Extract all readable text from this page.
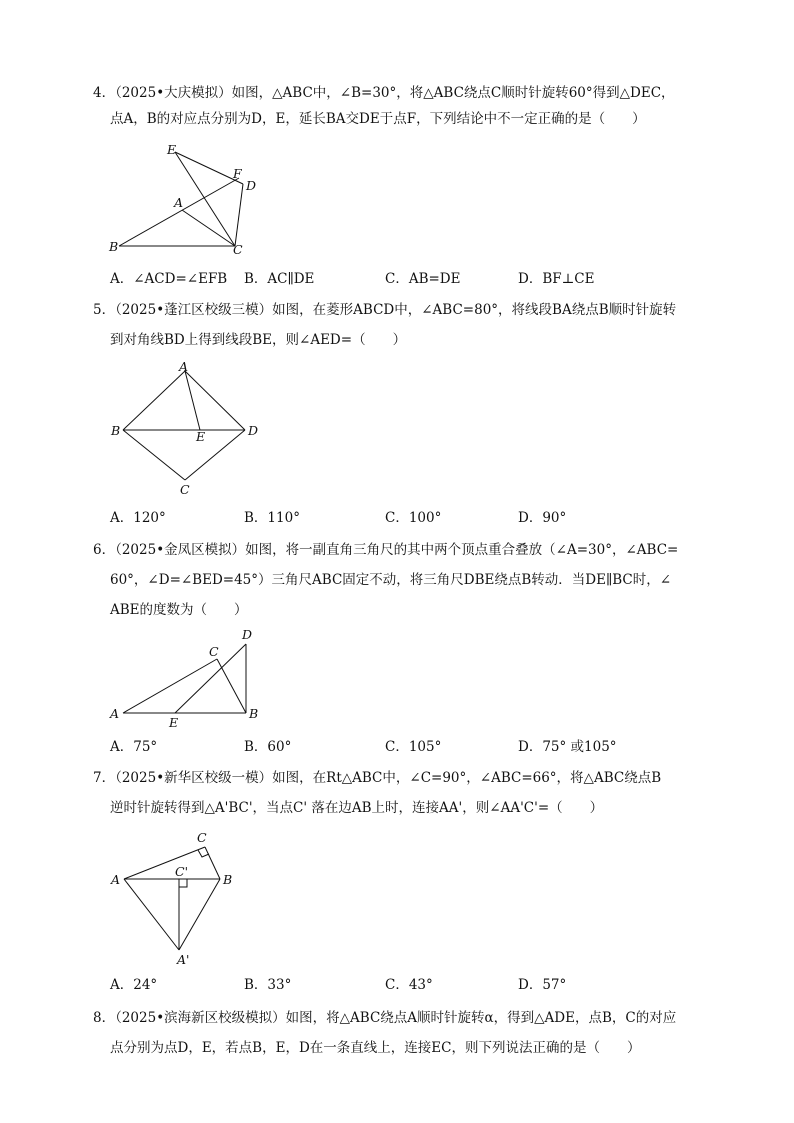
4．（2025•大庆模拟）如图，△ABC中，∠B=30°，将△ABC绕点C顺时针旋转60°得到△DEC，
点A，B的对应点分别为D，E，延长BA交DE于点F，下列结论中不一定正确的是（　　）
E
F
D
A
B	C
A．∠ACD=∠EFB B．AC∥DE	C．AB=DE	D．BF⊥CE
5．（2025•蓬江区校级三模）如图，在菱形ABCD中，∠ABC=80°，将线段BA绕点B顺时针旋转
到对角线BD上得到线段BE，则∠AED=（　　）
A
B	E	D
C
A．120°	B．110°	C．100°	D．90°
6．（2025•金凤区模拟）如图，将一副直角三角尺的其中两个顶点重合叠放（∠A=30°，∠ABC=
60°，∠D=∠BED=45°）三角尺ABC固定不动，将三角尺DBE绕点B转动．当DE∥BC时，∠
ABE的度数为（　　）
D
C
A
E
B
A．75°	B．60°	C．105°	D．75° 或105°
7．（2025•新华区校级一模）如图，在Rt△ABC中，∠C=90°，∠ABC=66°，将△ABC绕点B
逆时针旋转得到△A'BC'，当点C' 落在边AB上时，连接AA'，则∠AA'C'=（　　）
C
C'
A	B
A'
A．24°	B．33°	C．43°	D．57°
8．（2025•滨海新区校级模拟）如图，将△ABC绕点A顺时针旋转α，得到△ADE，点B，C的对应
点分别为点D，E，若点B，E，D在一条直线上，连接EC，则下列说法正确的是（　　）
